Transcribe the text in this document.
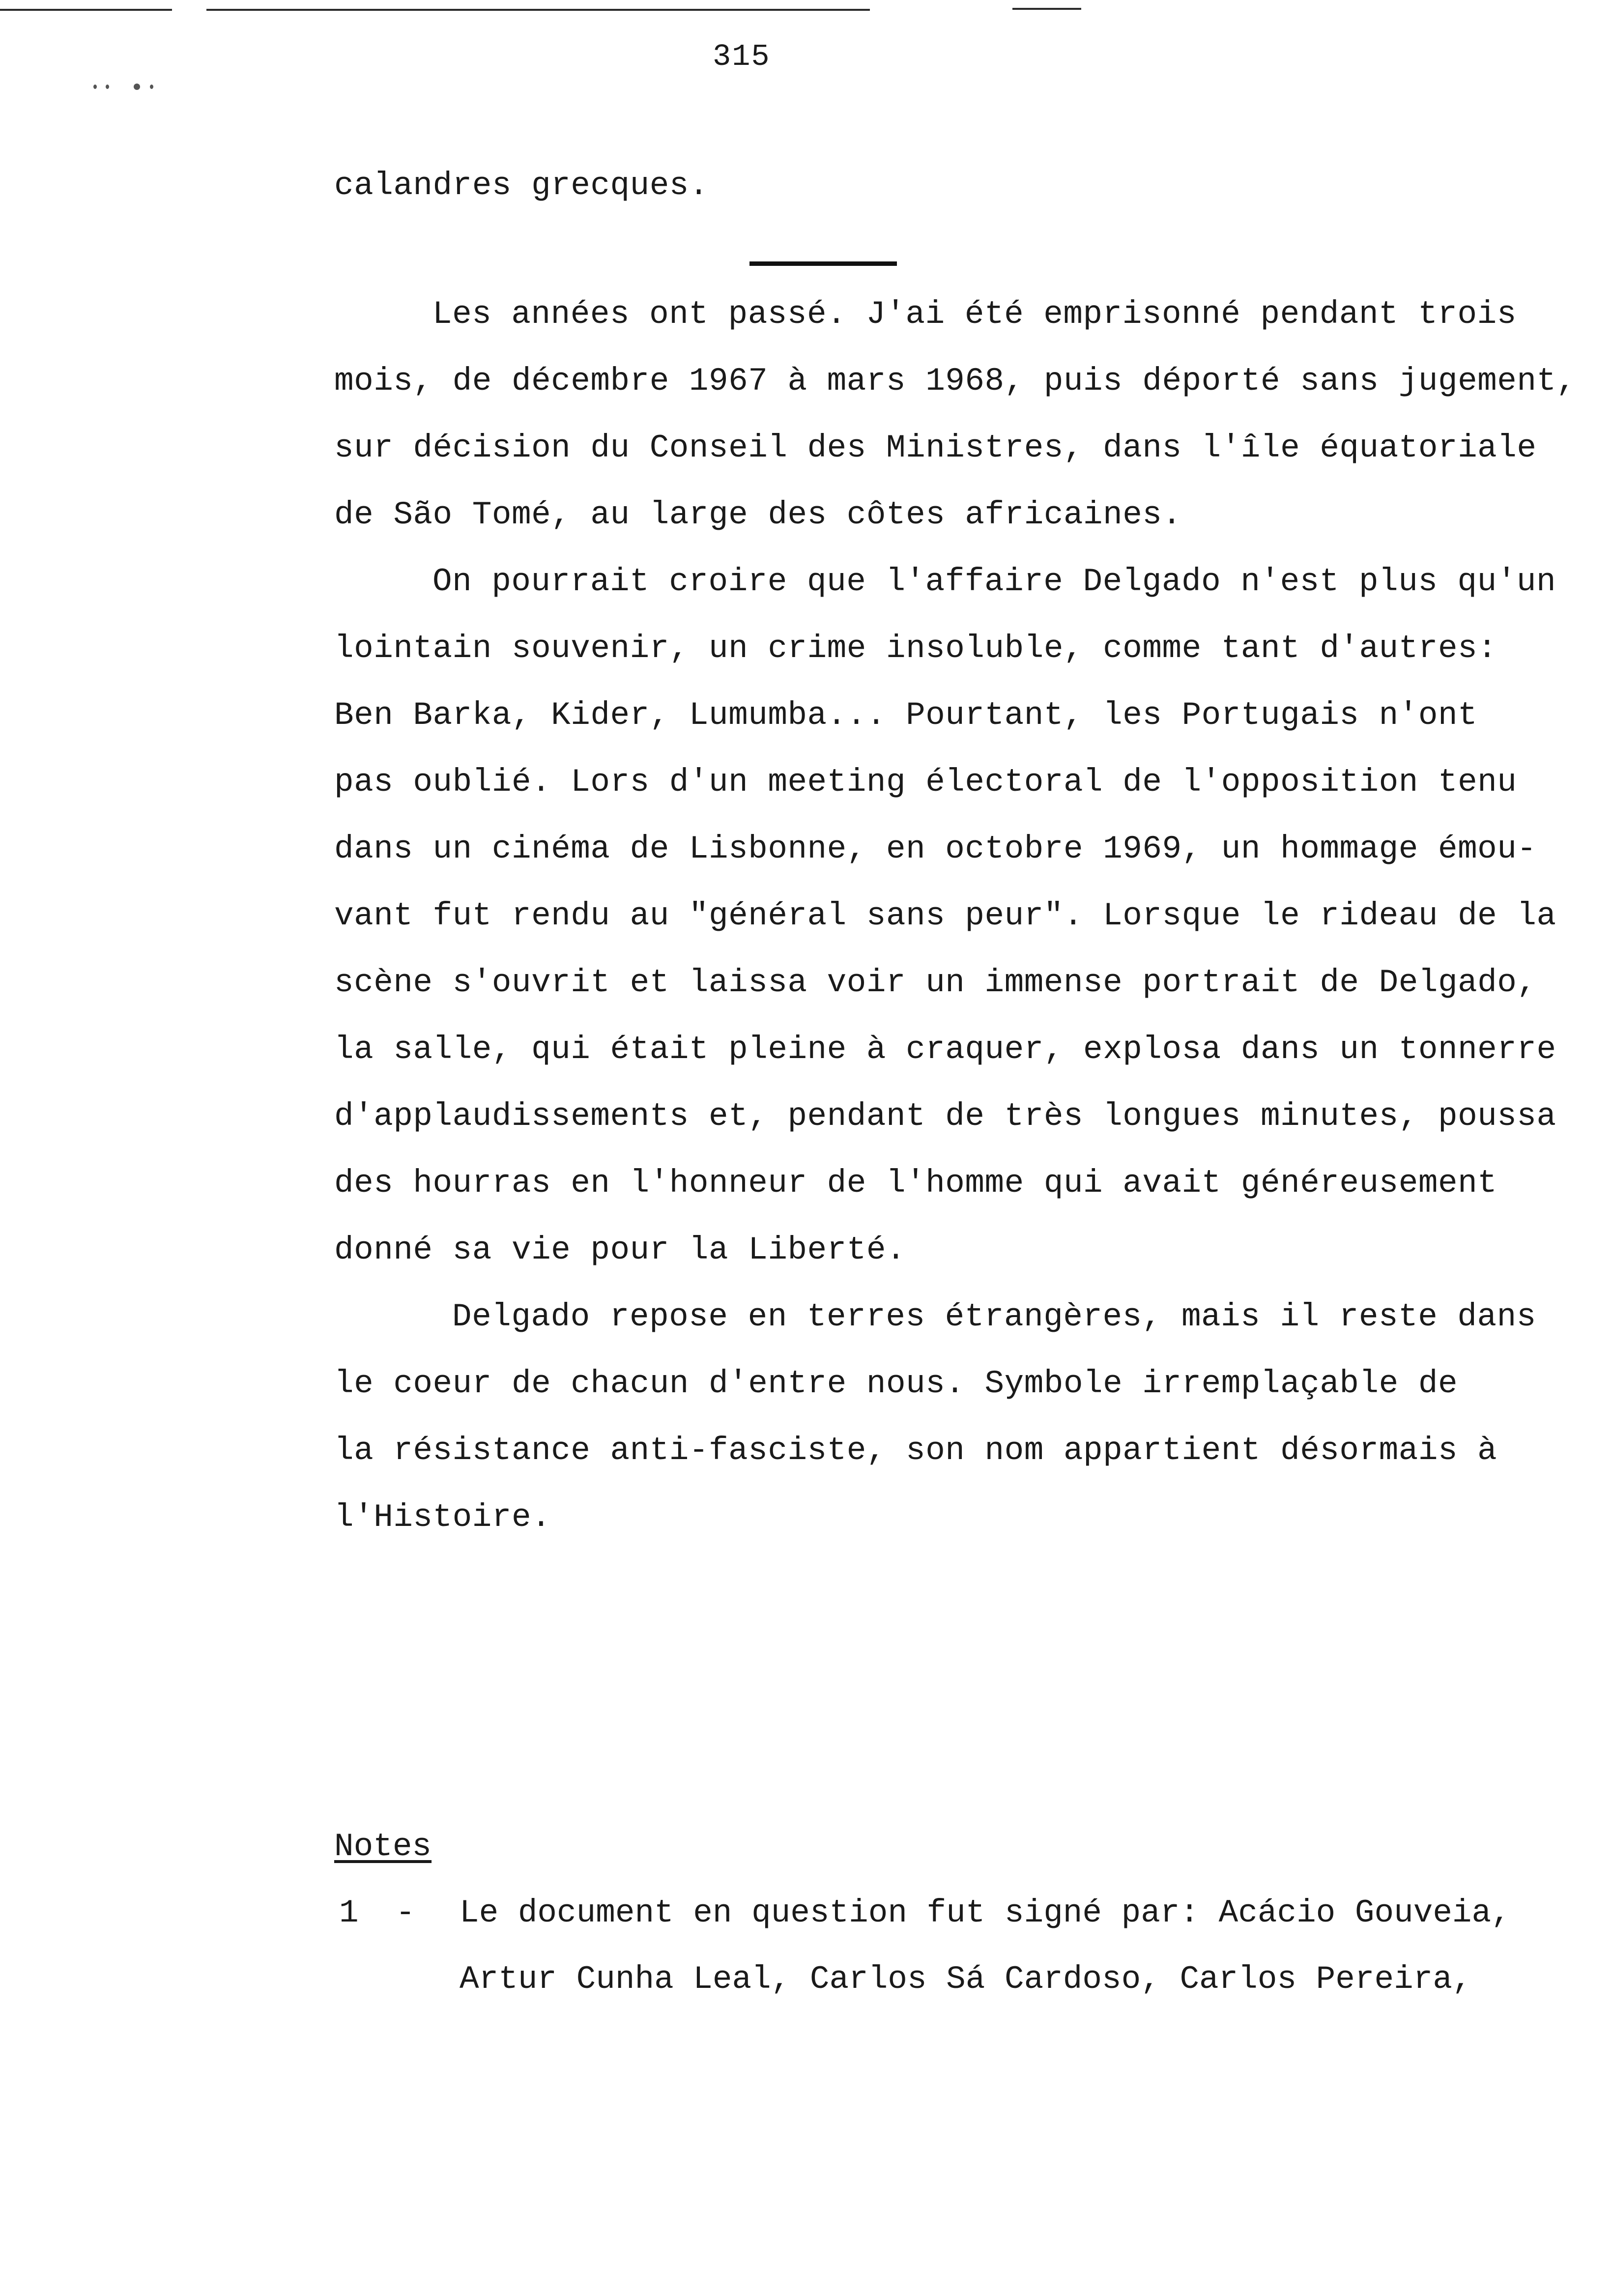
315
calandres grecques.
Les années ont passé. J'ai été emprisonné pendant trois
mois, de décembre 1967 à mars 1968, puis déporté sans jugement,
sur décision du Conseil des Ministres, dans l'île équatoriale
de São Tomé, au large des côtes africaines.
On pourrait croire que l'affaire Delgado n'est plus qu'un
lointain souvenir, un crime insoluble, comme tant d'autres:
Ben Barka, Kider, Lumumba... Pourtant, les Portugais n'ont
pas oublié. Lors d'un meeting électoral de l'opposition tenu
dans un cinéma de Lisbonne, en octobre 1969, un hommage émou-
vant fut rendu au "général sans peur". Lorsque le rideau de la
scène s'ouvrit et laissa voir un immense portrait de Delgado,
la salle, qui était pleine à craquer, explosa dans un tonnerre
d'applaudissements et, pendant de très longues minutes, poussa
des hourras en l'honneur de l'homme qui avait généreusement
donné sa vie pour la Liberté.
Delgado repose en terres étrangères, mais il reste dans
le coeur de chacun d'entre nous. Symbole irremplaçable de
la résistance anti-fasciste, son nom appartient désormais à
l'Histoire.
Notes
1 - Le document en question fut signé par: Acácio Gouveia,
Artur Cunha Leal, Carlos Sá Cardoso, Carlos Pereira,
